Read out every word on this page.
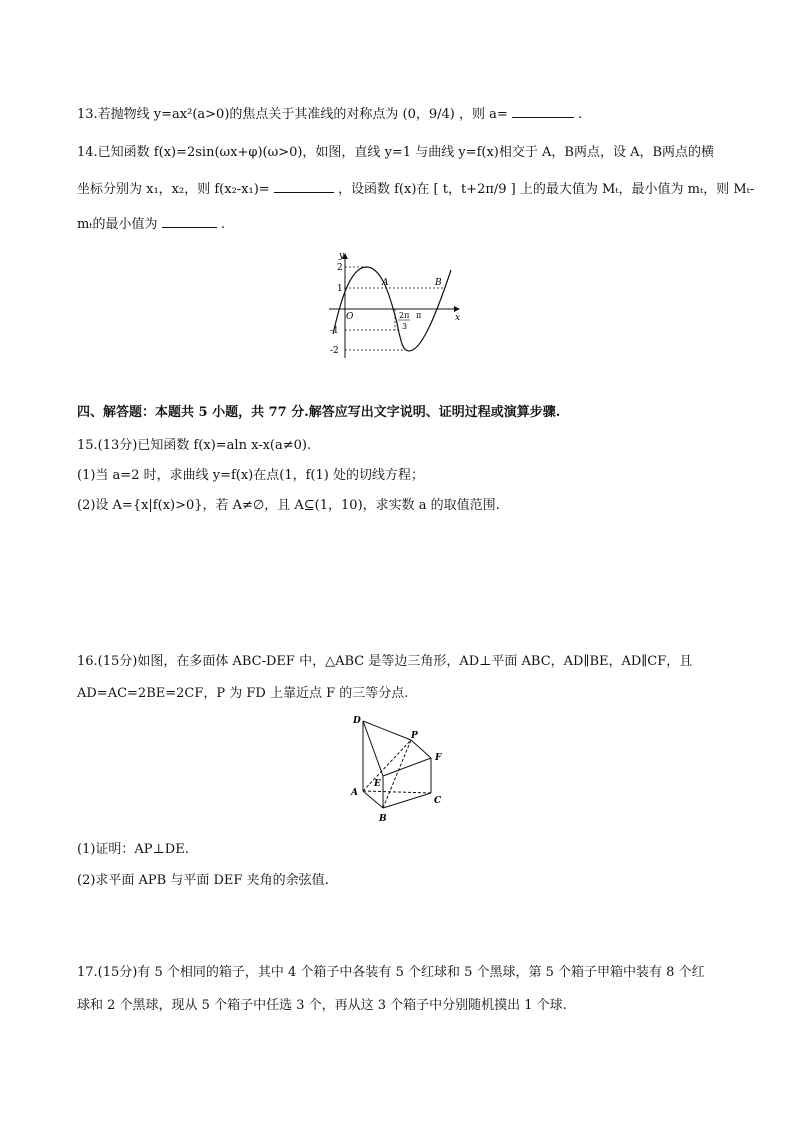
13.若抛物线 y=ax²(a>0)的焦点关于其准线的对称点为 (0，9/4) ，则 a=	.
14.已知函数 f(x)=2sin(ωx+φ)(ω>0)，如图，直线 y=1 与曲线 y=f(x)相交于 A，B两点，设 A，B两点的横
坐标分别为 x₁，x₂，则 f(x₂-x₁)=	，设函数 f(x)在 [ t，t+2π/9 ] 上的最大值为 Mₜ，最小值为 mₜ，则 Mₜ-
mₜ的最小值为	.
y
x
O
2
1
-1
-2
A	B
2π
3
π
四、解答题：本题共 5 小题，共 77 分.解答应写出文字说明、证明过程或演算步骤.
15.(13分)已知函数 f(x)=aln x-x(a≠0).
(1)当 a=2 时，求曲线 y=f(x)在点(1，f(1) 处的切线方程；
(2)设 A={x|f(x)>0}，若 A≠∅，且 A⊆(1，10)，求实数 a 的取值范围.
16.(15分)如图，在多面体 ABC-DEF 中，△ABC 是等边三角形，AD⊥平面 ABC，AD∥BE，AD∥CF，且
AD=AC=2BE=2CF，P 为 FD 上靠近点 F 的三等分点.
D
P
F
E
A
C
B
(1)证明：AP⊥DE.
(2)求平面 APB 与平面 DEF 夹角的余弦值.
17.(15分)有 5 个相同的箱子，其中 4 个箱子中各装有 5 个红球和 5 个黑球，第 5 个箱子甲箱中装有 8 个红
球和 2 个黑球，现从 5 个箱子中任选 3 个，再从这 3 个箱子中分别随机摸出 1 个球.
